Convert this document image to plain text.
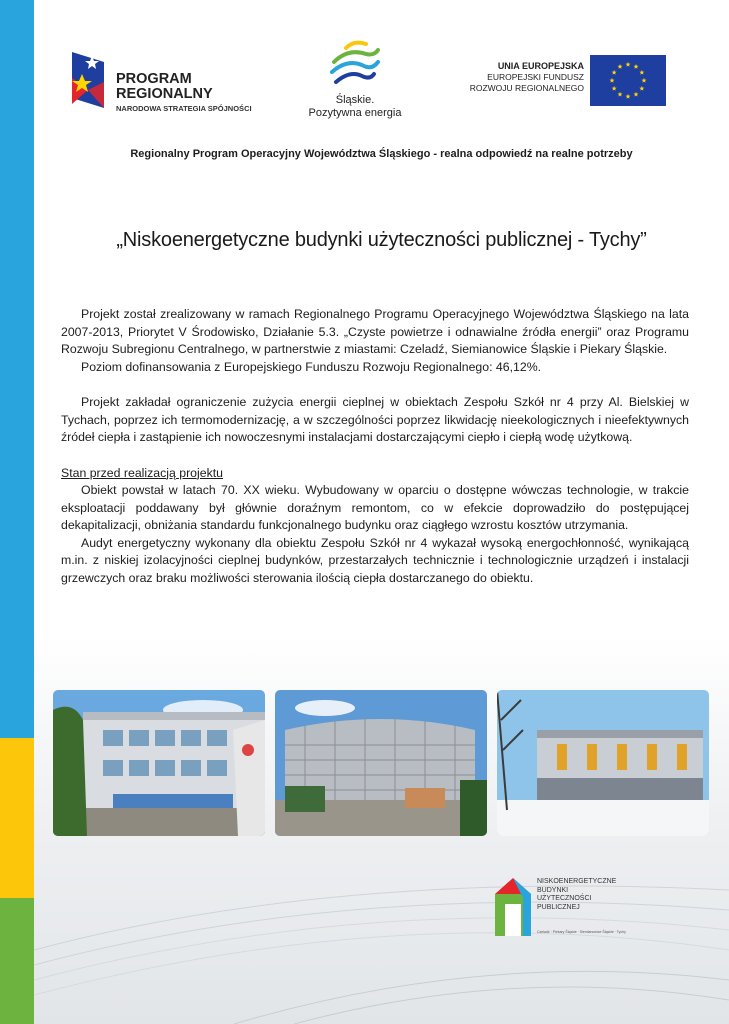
PROGRAM
REGIONALNY
NARODOWA STRATEGIA SPÓJNOŚCI
Śląskie.
Pozytywna energia
UNIA EUROPEJSKA
EUROPEJSKI FUNDUSZ
ROZWOJU REGIONALNEGO
Regionalny Program Operacyjny Województwa Śląskiego - realna odpowiedź na realne potrzeby
„Niskoenergetyczne budynki użyteczności publicznej - Tychy”

Projekt został zrealizowany w ramach Regionalnego Programu Operacyjnego Województwa Śląskiego na lata 2007-2013, Priorytet V Środowisko, Działanie 5.3. „Czyste powietrze i odnawialne źródła energii” oraz Programu Rozwoju Subregionu Centralnego, w partnerstwie z miastami: Czeladź, Siemianowice Śląskie i Piekary Śląskie.

Poziom dofinansowania z Europejskiego Funduszu Rozwoju Regionalnego: 46,12%.

Projekt zakładał ograniczenie zużycia energii cieplnej w obiektach Zespołu Szkół nr 4 przy Al. Bielskiej w Tychach, poprzez ich termomodernizację, a w szczególności poprzez likwidację nieekologicznych i nieefektywnych źródeł ciepła i zastąpienie ich nowoczesnymi instalacjami dostarczającymi ciepło i ciepłą wodę użytkową.

Stan przed realizacją projektu

Obiekt powstał w latach 70. XX wieku. Wybudowany w oparciu o dostępne wówczas technologie, w trakcie eksploatacji poddawany był głównie doraźnym remontom, co w efekcie doprowadziło do postępującej dekapitalizacji, obniżania standardu funkcjonalnego budynku oraz ciągłego wzrostu kosztów utrzymania.

Audyt energetyczny wykonany dla obiektu Zespołu Szkół nr 4 wykazał wysoką energochłonność, wynikającą m.in. z niskiej izolacyjności cieplnej budynków, przestarzałych technicznie i technologicznie urządzeń i instalacji grzewczych oraz braku możliwości sterowania ilością ciepła dostarczanego do obiektu.

NISKOENERGETYCZNE
BUDYNKI
UŻYTECZNOŚCI
PUBLICZNEJ
Czeladź · Piekary Śląskie · Siemianowice Śląskie · Tychy
